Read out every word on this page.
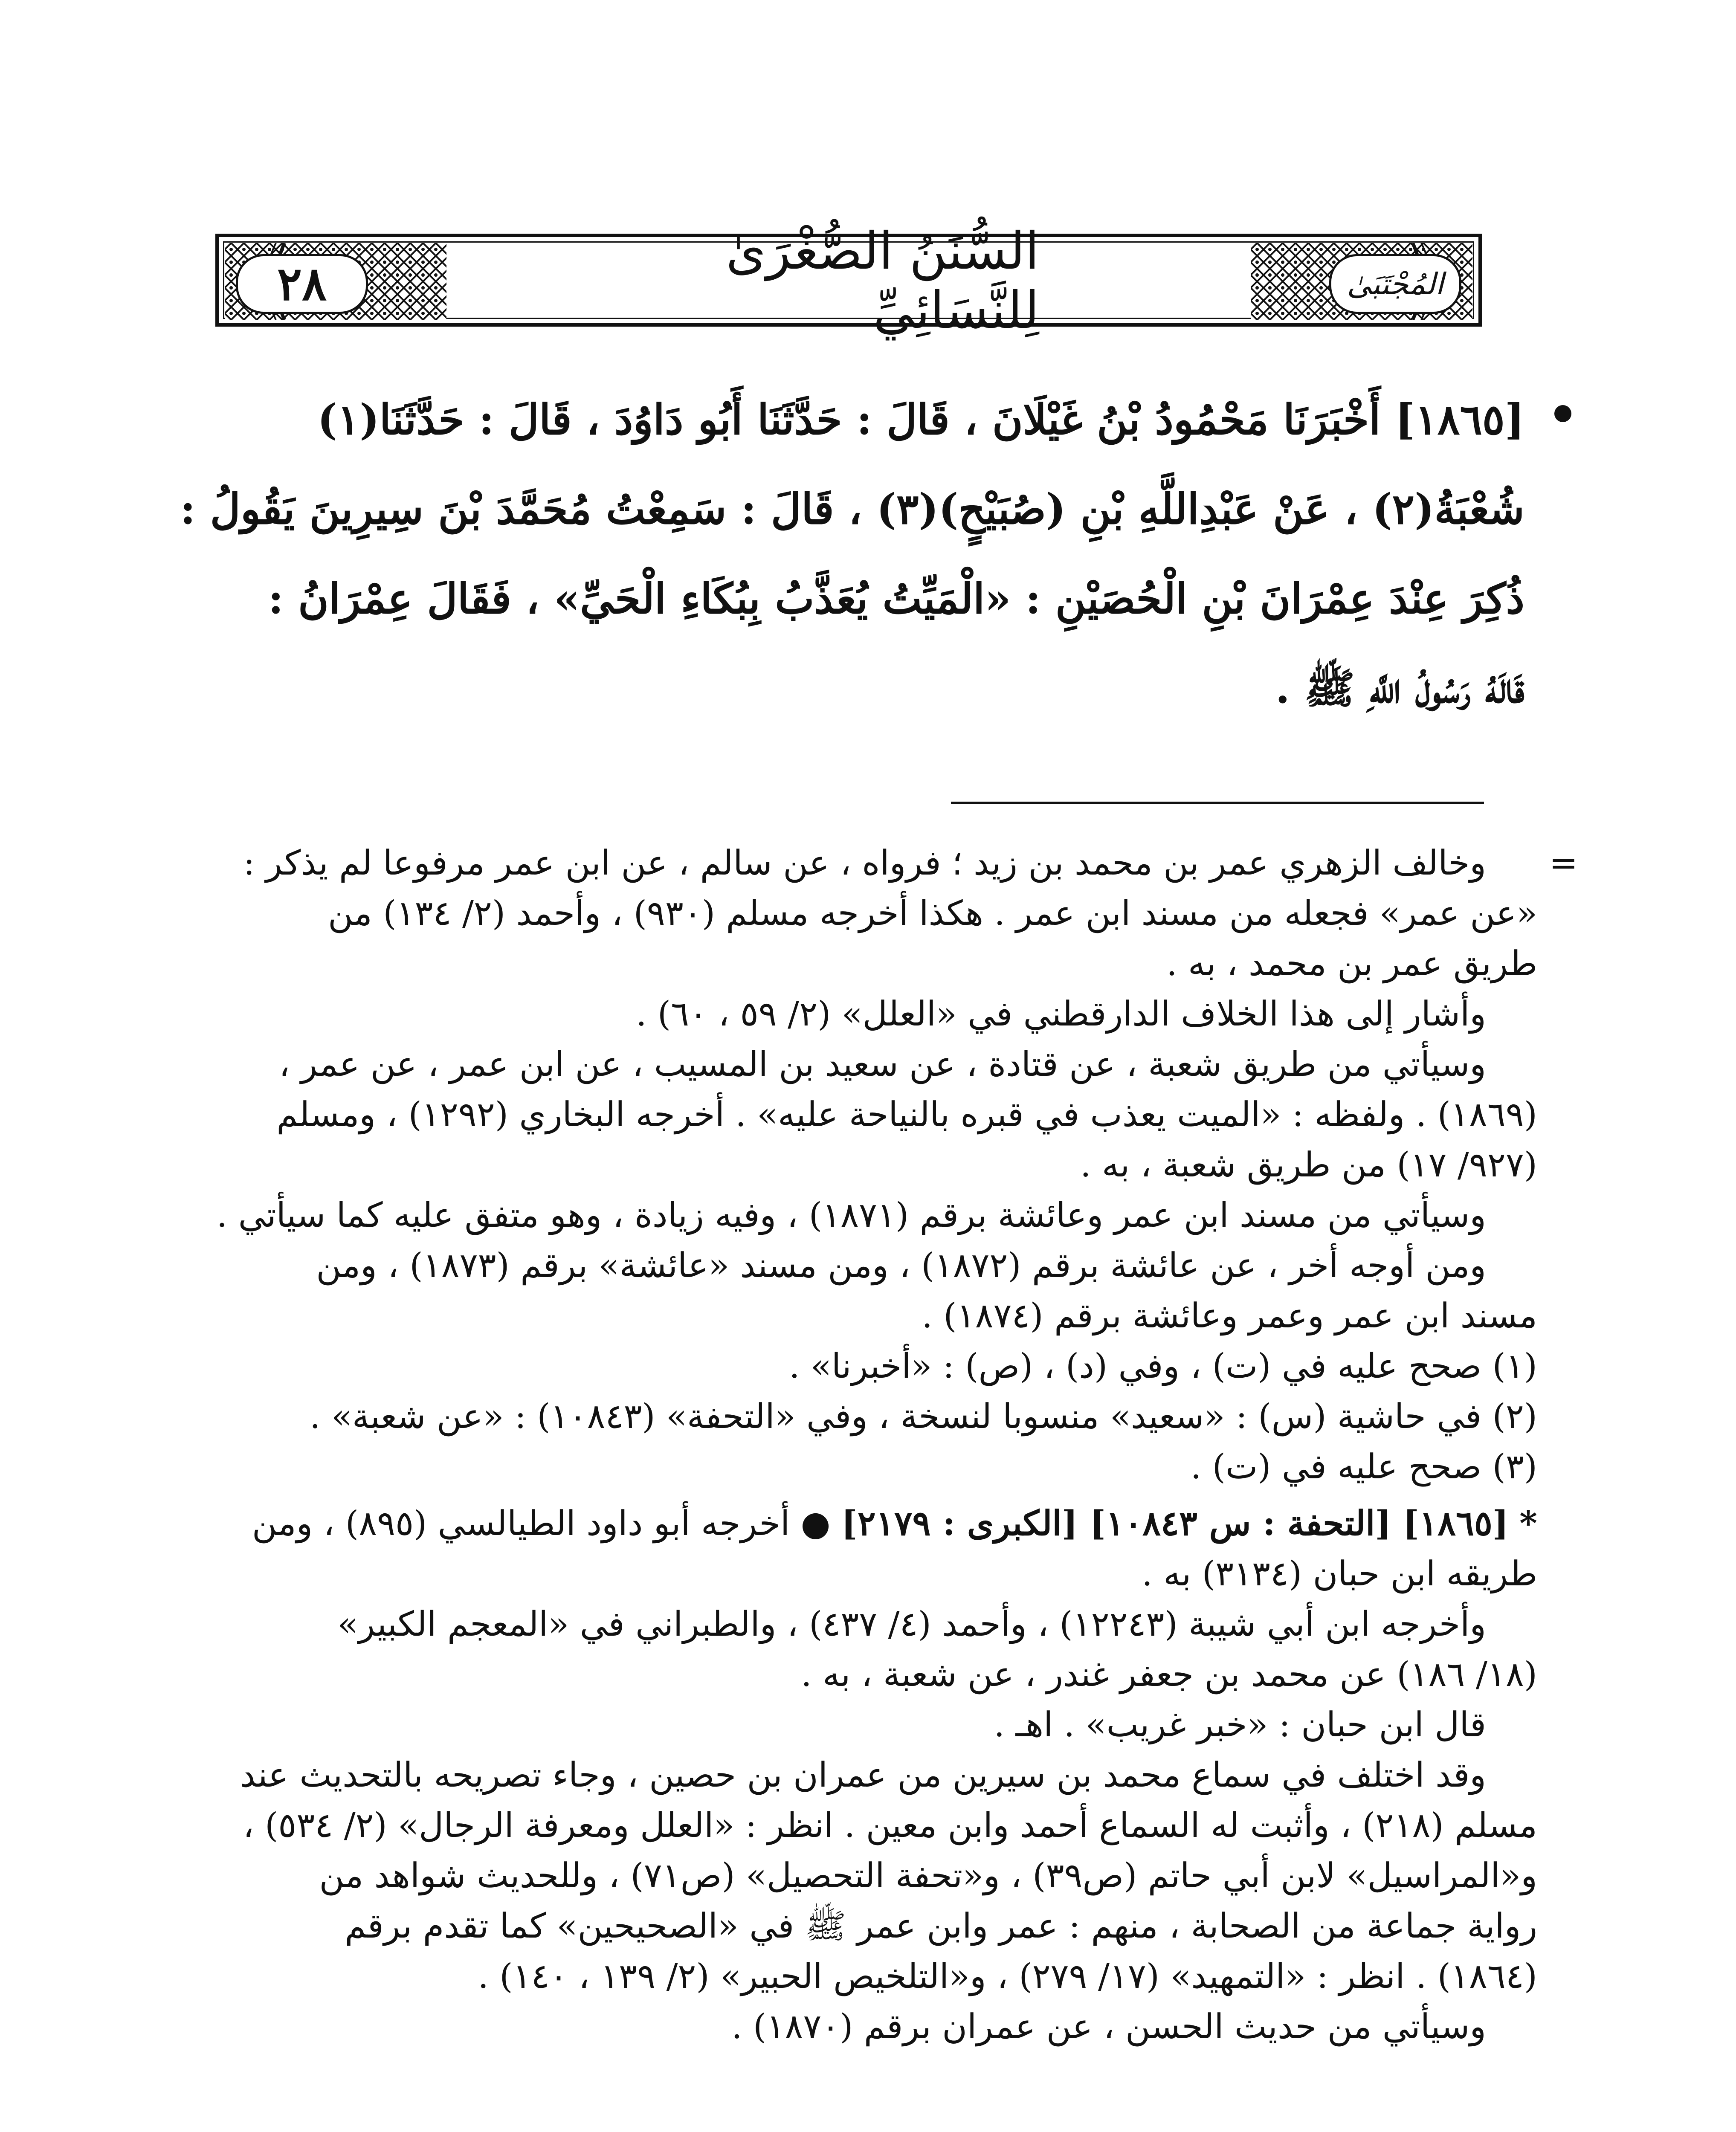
السُّنَنُ الصُّغْرَىٰ لِلنَّسَائِيِّ
٢٨	المُجْتَبَىٰ
[١٨٦٥] أَخْبَرَنَا مَحْمُودُ بْنُ غَيْلَانَ ، قَالَ : حَدَّثَنَا أَبُو دَاوُدَ ، قَالَ : حَدَّثَنَا(١)
شُعْبَةُ(٢) ، عَنْ عَبْدِاللَّهِ بْنِ (صُبَيْحٍ)(٣) ، قَالَ : سَمِعْتُ مُحَمَّدَ بْنَ سِيرِينَ يَقُولُ :
ذُكِرَ عِنْدَ عِمْرَانَ بْنِ الْحُصَيْنِ : «الْمَيِّتُ يُعَذَّبُ بِبُكَاءِ الْحَيِّ» ، فَقَالَ عِمْرَانُ :
قَالَهُ رَسُولُ اللَّهِ ﷺ .
=

وخالف الزهري عمر بن محمد بن زيد ؛ فرواه ، عن سالم ، عن ابن عمر مرفوعا لم يذكر :

«عن عمر» فجعله من مسند ابن عمر . هكذا أخرجه مسلم (٩٣٠) ، وأحمد (٢/ ١٣٤) من

طريق عمر بن محمد ، به .

وأشار إلى هذا الخلاف الدارقطني في «العلل» (٢/ ٥٩ ، ٦٠) .

وسيأتي من طريق شعبة ، عن قتادة ، عن سعيد بن المسيب ، عن ابن عمر ، عن عمر ،

(١٨٦٩) . ولفظه : «الميت يعذب في قبره بالنياحة عليه» . أخرجه البخاري (١٢٩٢) ، ومسلم

(٩٢٧/ ١٧) من طريق شعبة ، به .

وسيأتي من مسند ابن عمر وعائشة برقم (١٨٧١) ، وفيه زيادة ، وهو متفق عليه كما سيأتي .

ومن أوجه أخر ، عن عائشة برقم (١٨٧٢) ، ومن مسند «عائشة» برقم (١٨٧٣) ، ومن

مسند ابن عمر وعمر وعائشة برقم (١٨٧٤) .

(١) صحح عليه في (ت) ، وفي (د) ، (ص) : «أخبرنا» .

(٢) في حاشية (س) : «سعيد» منسوبا لنسخة ، وفي «التحفة» (١٠٨٤٣) : «عن شعبة» .

(٣) صحح عليه في (ت) .

* [١٨٦٥] [التحفة : س ١٠٨٤٣] [الكبرى : ٢١٧٩] ● أخرجه أبو داود الطيالسي (٨٩٥) ، ومن

طريقه ابن حبان (٣١٣٤) به .

وأخرجه ابن أبي شيبة (١٢٢٤٣) ، وأحمد (٤/ ٤٣٧) ، والطبراني في «المعجم الكبير»

(١٨/ ١٨٦) عن محمد بن جعفر غندر ، عن شعبة ، به .

قال ابن حبان : «خبر غريب» . اهـ .

وقد اختلف في سماع محمد بن سيرين من عمران بن حصين ، وجاء تصريحه بالتحديث عند

مسلم (٢١٨) ، وأثبت له السماع أحمد وابن معين . انظر : «العلل ومعرفة الرجال» (٢/ ٥٣٤) ،

و«المراسيل» لابن أبي حاتم (ص٣٩) ، و«تحفة التحصيل» (ص٧١) ، وللحديث شواهد من

رواية جماعة من الصحابة ، منهم : عمر وابن عمر ﷺ في «الصحيحين» كما تقدم برقم

(١٨٦٤) . انظر : «التمهيد» (١٧/ ٢٧٩) ، و«التلخيص الحبير» (٢/ ١٣٩ ، ١٤٠) .

وسيأتي من حديث الحسن ، عن عمران برقم (١٨٧٠) .
